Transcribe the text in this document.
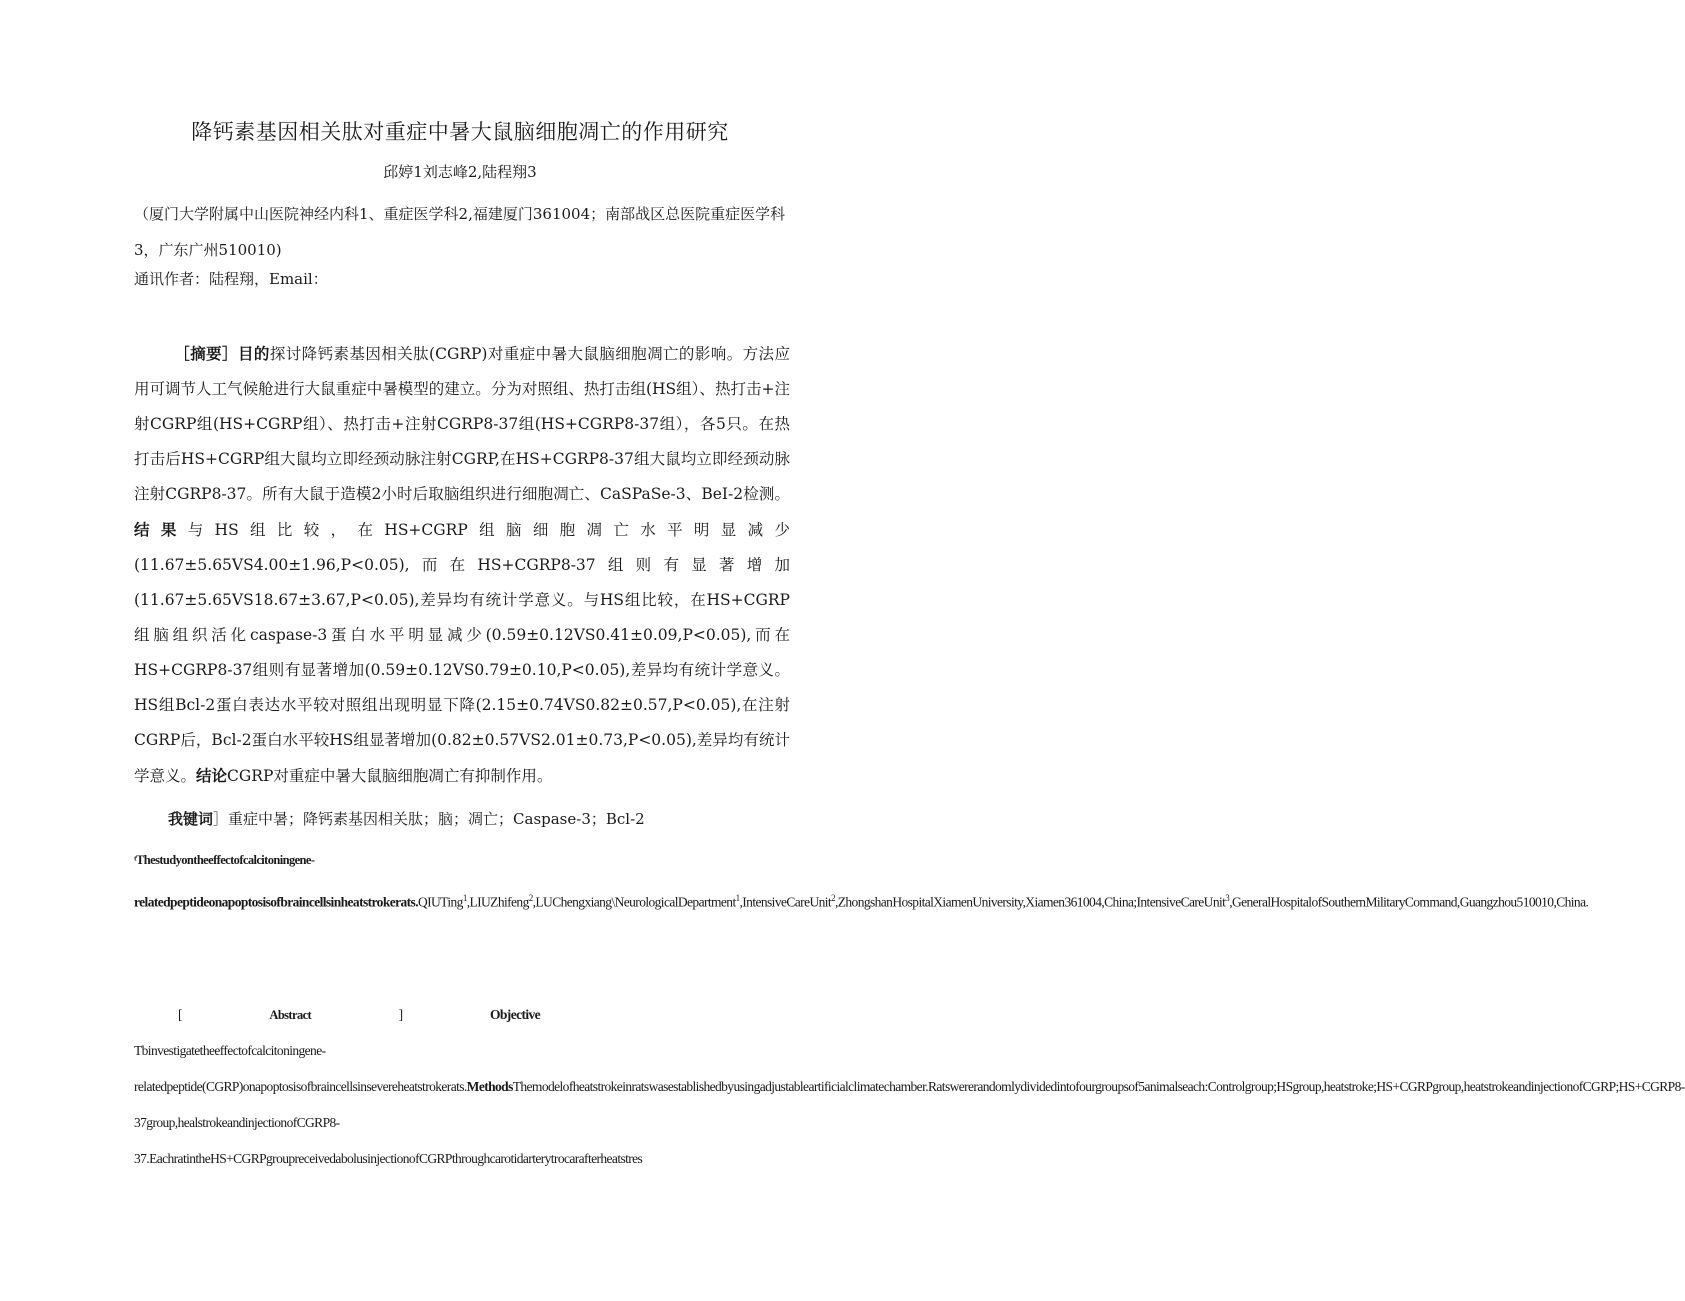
降钙素基因相关肽对重症中暑大鼠脑细胞凋亡的作用研究
邱婷1刘志峰2,陆程翔3
（厦门大学附属中山医院神经内科1、重症医学科2,福建厦门361004；南部战区总医院重症医学科3，广东广州510010)
通讯作者：陆程翔，Email：
［摘要］目的探讨降钙素基因相关肽(CGRP)对重症中暑大鼠脑细胞凋亡的影响。方法应用可调节人工气候舱进行大鼠重症中暑模型的建立。分为对照组、热打击组(HS组）、热打击+注射CGRP组(HS+CGRP组）、热打击+注射CGRP8-37组(HS+CGRP8-37组），各5只。在热打击后HS+CGRP组大鼠均立即经颈动脉注射CGRP,在HS+CGRP8-37组大鼠均立即经颈动脉注射CGRP8-37。所有大鼠于造模2小时后取脑组织进行细胞凋亡、CaSPaSe-3、BeI-2检测。结果与HS组比较，在HS+CGRP组脑细胞凋亡水平明显减少(11.67±5.65VS4.00±1.96,P<0.05),而在HS+CGRP8-37组则有显著增加(11.67±5.65VS18.67±3.67,P<0.05),差异均有统计学意义。与HS组比较，在HS+CGRP组脑组织活化caspase-3蛋白水平明显减少(0.59±0.12VS0.41±0.09,P<0.05),而在HS+CGRP8-37组则有显著增加(0.59±0.12VS0.79±0.10,P<0.05),差异均有统计学意义。HS组Bcl-2蛋白表达水平较对照组出现明显下降(2.15±0.74VS0.82±0.57,P<0.05),在注射CGRP后，Bcl-2蛋白水平较HS组显著增加(0.82±0.57VS2.01±0.73,P<0.05),差异均有统计学意义。结论CGRP对重症中暑大鼠脑细胞凋亡有抑制作用。
我键词］重症中暑；降钙素基因相关肽；脑；凋亡；Caspase-3；Bcl-2
ᵗThestudyontheeffectofcalcitoningene-
relatedpeptideonapoptosisofbraincellsinheatstrokerats.QIUTing$^1$,LIUZhifeng$^2$,LUChengxiang\NeurologicalDepartment$^1$,IntensiveCareUnit$^2$,ZhongshanHospitalXiamenUniversity,Xiamen361004,China;IntensiveCareUnit$^3$,GeneralHospitalofSouthernMilitaryCommand,Guangzhou510010,China.
[	Abstract	]	Objective
Tbinvestigatetheeffectofcalcitoningene-relatedpeptide(CGRP)onapoptosisofbraincellsinsevereheatstrokerats.MethodsThemodelofheatstrokeinratswasestablishedbyusingadjustableartificialclimatechamber.Ratswererandomlydividedintofourgroupsof5animalseach:Controlgroup;HSgroup,heatstroke;HS+CGRPgroup,heatstrokeandinjectionofCGRP;HS+CGRP8-37group,healstrokeandinjectionofCGRP8-37.EachratintheHS+CGRPgroupreceivedabolusinjectionofCGRPthroughcarotidarterytrocarafterheatstres
